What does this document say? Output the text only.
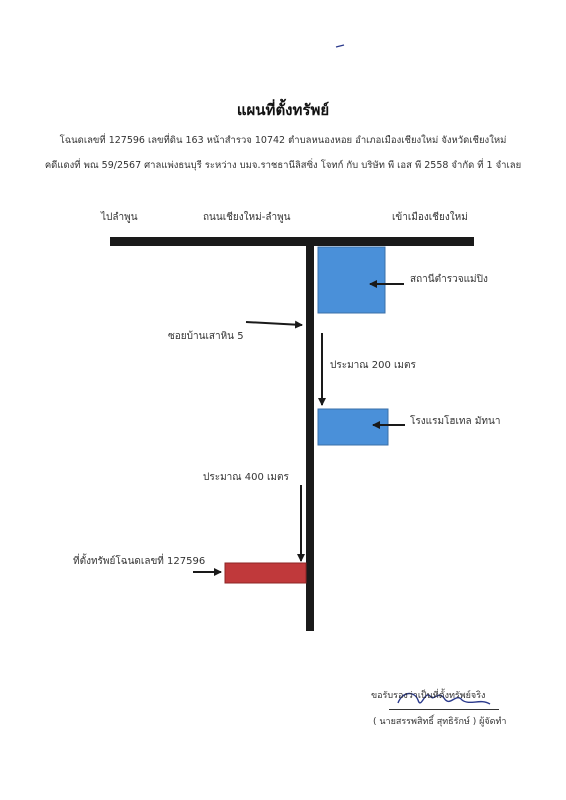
แผนที่ตั้งทรัพย์
โฉนดเลขที่ 127596 เลขที่ดิน 163 หน้าสำรวจ 10742 ตำบลหนองหอย อำเภอเมืองเชียงใหม่ จังหวัดเชียงใหม่
คดีแดงที่ พณ 59/2567 ศาลแพ่งธนบุรี ระหว่าง บมจ.ราชธานีลิสซิ่ง โจทก์ กับ บริษัท พี เอส พี 2558 จำกัด ที่ 1 จำเลย
ไปลำพูน	ถนนเชียงใหม่-ลำพูน	เข้าเมืองเชียงใหม่
สถานีตำรวจแม่ปิง
ซอยบ้านเสาหิน 5
ประมาณ 200 เมตร
โรงแรมโฮเทล มัทนา
ประมาณ 400 เมตร
ที่ตั้งทรัพย์โฉนดเลขที่ 127596
ขอรับรองว่าเป็นที่ตั้งทรัพย์จริง
( นายสรรพสิทธิ์ สุทธิรักษ์ ) ผู้จัดทำ
